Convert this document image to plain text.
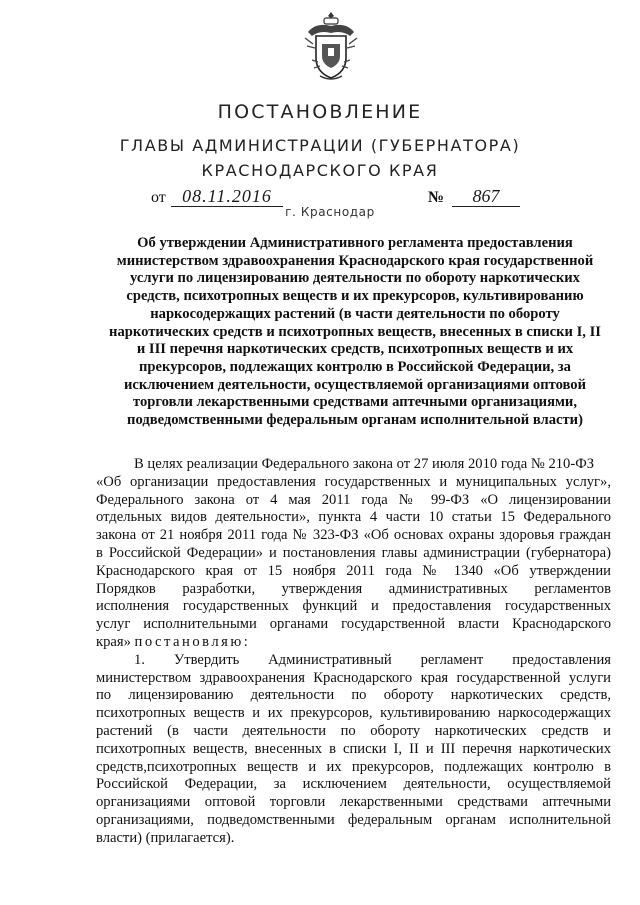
ПОСТАНОВЛЕНИЕ
ГЛАВЫ АДМИНИСТРАЦИИ (ГУБЕРНАТОРА)
КРАСНОДАРСКОГО КРАЯ
от 08.11.2016	№	867
г. Краснодар
Об утверждении Административного регламента предоставления
министерством здравоохранения Краснодарского края государственной
услуги по лицензированию деятельности по обороту наркотических
средств, психотропных веществ и их прекурсоров, культивированию
наркосодержащих растений (в части деятельности по обороту
наркотических средств и психотропных веществ, внесенных в списки I, II
и III перечня наркотических средств, психотропных веществ и их
прекурсоров, подлежащих контролю в Российской Федерации, за
исключением деятельности, осуществляемой организациями оптовой
торговли лекарственными средствами аптечными организациями,
подведомственными федеральным органам исполнительной власти)
В целях реализации Федерального закона от 27 июля 2010 года № 210-ФЗ
«Об организации предоставления государственных и муниципальных услуг»,
Федерального закона от 4 мая 2011 года № 99-ФЗ «О лицензировании
отдельных видов деятельности», пункта 4 части 10 статьи 15 Федерального
закона от 21 ноября 2011 года № 323-ФЗ «Об основах охраны здоровья граждан
в Российской Федерации» и постановления главы администрации (губернатора)
Краснодарского края от 15 ноября 2011 года № 1340 «Об утверждении
Порядков разработки, утверждения административных регламентов
исполнения государственных функций и предоставления государственных
услуг исполнительными органами государственной власти Краснодарского
края» постановляю:
1. Утвердить Административный регламент предоставления
министерством здравоохранения Краснодарского края государственной услуги
по лицензированию деятельности по обороту наркотических средств,
психотропных веществ и их прекурсоров, культивированию наркосодержащих
растений (в части деятельности по обороту наркотических средств и
психотропных веществ, внесенных в списки I, II и III перечня наркотических
средств,психотропных веществ и их прекурсоров, подлежащих контролю в
Российской Федерации, за исключением деятельности, осуществляемой
организациями оптовой торговли лекарственными средствами аптечными
организациями, подведомственными федеральным органам исполнительной
власти) (прилагается).
